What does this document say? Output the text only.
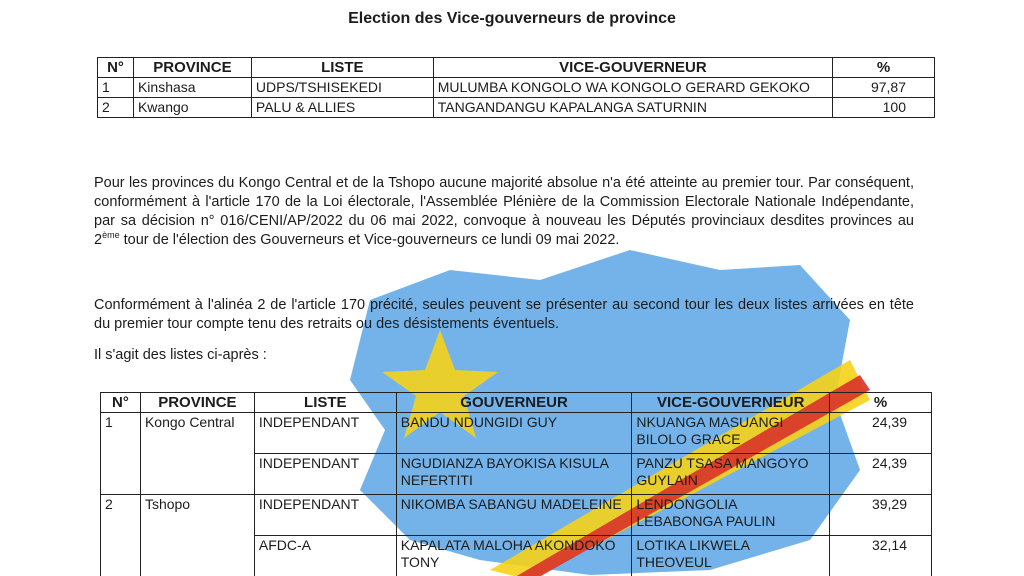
Election des Vice-gouverneurs de province
N°	PROVINCE	LISTE	VICE-GOUVERNEUR	%
1	Kinshasa	UDPS/TSHISEKEDI	MULUMBA KONGOLO WA KONGOLO GERARD GEKOKO	97,87
2	Kwango	PALU & ALLIES	TANGANDANGU KAPALANGA SATURNIN	100
Pour les provinces du Kongo Central et de la Tshopo aucune majorité absolue n'a été atteinte au premier tour. Par conséquent, conformément à l'article 170 de la Loi électorale, l'Assemblée Plénière de la Commission Electorale Nationale Indépendante, par sa décision n° 016/CENI/AP/2022 du 06 mai 2022, convoque à nouveau les Députés provinciaux desdites provinces au 2ème tour de l'élection des Gouverneurs et Vice-gouverneurs ce lundi 09 mai 2022.
Conformément à l'alinéa 2 de l'article 170 précité, seules peuvent se présenter au second tour les deux listes arrivées en tête du premier tour compte tenu des retraits ou des désistements éventuels.
Il s'agit des listes ci-après :
N°	PROVINCE	LISTE	GOUVERNEUR	VICE-GOUVERNEUR	%
1	Kongo Central	INDEPENDANT	BANDU NDUNGIDI GUY	NKUANGA MASUANGI BILOLO GRACE	24,39
		INDEPENDANT	NGUDIANZA BAYOKISA KISULA NEFERTITI	PANZU TSASA MANGOYO GUYLAIN	24,39
2	Tshopo	INDEPENDANT	NIKOMBA SABANGU MADELEINE	LENDONGOLIA LEBABONGA PAULIN	39,29
		AFDC-A	KAPALATA MALOHA AKONDOKO TONY	LOTIKA LIKWELA THEOVEUL	32,14
